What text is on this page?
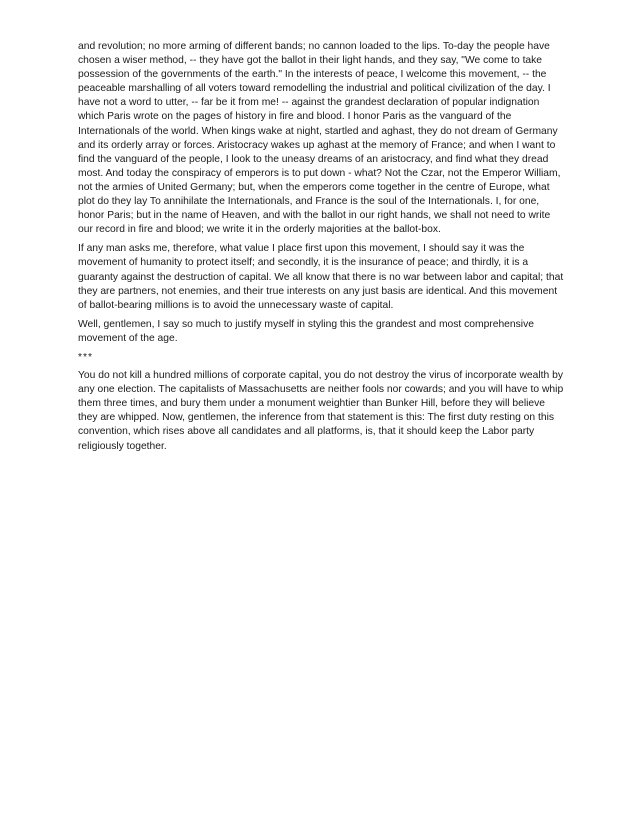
and revolution; no more arming of different bands; no cannon loaded to the lips. To-day the people have chosen a wiser method, -- they have got the ballot in their light hands, and they say, "We come to take possession of the governments of the earth." In the interests of peace, I welcome this movement, -- the peaceable marshalling of all voters toward remodelling the industrial and political civilization of the day. I have not a word to utter, -- far be it from me! -- against the grandest declaration of popular indignation which Paris wrote on the pages of history in fire and blood. I honor Paris as the vanguard of the Internationals of the world. When kings wake at night, startled and aghast, they do not dream of Germany and its orderly array or forces. Aristocracy wakes up aghast at the memory of France; and when I want to find the vanguard of the people, I look to the uneasy dreams of an aristocracy, and find what they dread most. And today the conspiracy of emperors is to put down - what? Not the Czar, not the Emperor William, not the armies of United Germany; but, when the emperors come together in the centre of Europe, what plot do they lay To annihilate the Internationals, and France is the soul of the Internationals. I, for one, honor Paris; but in the name of Heaven, and with the ballot in our right hands, we shall not need to write our record in fire and blood; we write it in the orderly majorities at the ballot-box.

If any man asks me, therefore, what value I place first upon this movement, I should say it was the movement of humanity to protect itself; and secondly, it is the insurance of peace; and thirdly, it is a guaranty against the destruction of capital. We all know that there is no war between labor and capital; that they are partners, not enemies, and their true interests on any just basis are identical. And this movement of ballot-bearing millions is to avoid the unnecessary waste of capital.

Well, gentlemen, I say so much to justify myself in styling this the grandest and most comprehensive movement of the age.

***

You do not kill a hundred millions of corporate capital, you do not destroy the virus of incorporate wealth by any one election. The capitalists of Massachusetts are neither fools nor cowards; and you will have to whip them three times, and bury them under a monument weightier than Bunker Hill, before they will believe they are whipped. Now, gentlemen, the inference from that statement is this: The first duty resting on this convention, which rises above all candidates and all platforms, is, that it should keep the Labor party religiously together.
